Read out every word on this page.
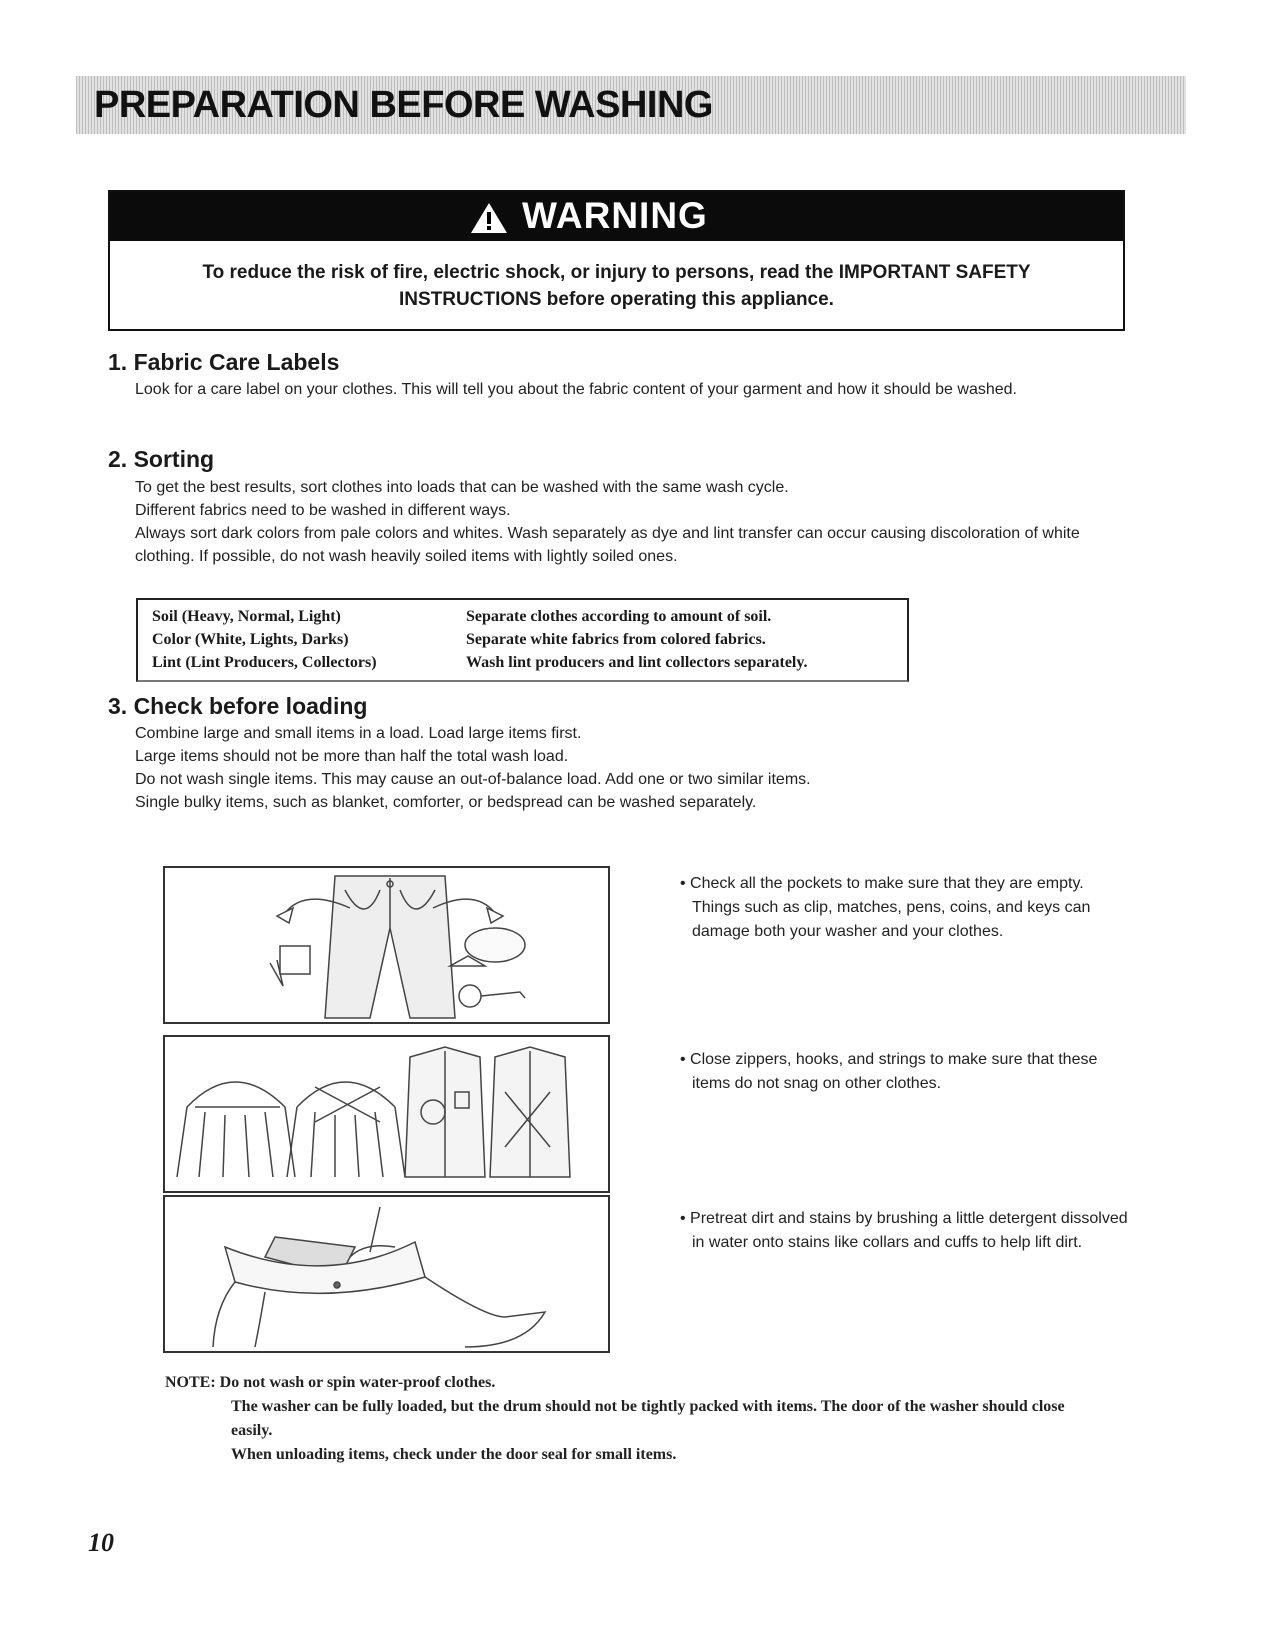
PREPARATION BEFORE WASHING
WARNING
To reduce the risk of fire, electric shock, or injury to persons, read the IMPORTANT SAFETY INSTRUCTIONS before operating this appliance.
1. Fabric Care Labels
Look for a care label on your clothes. This will tell you about the fabric content of your garment and how it should be washed.
2. Sorting
To get the best results, sort clothes into loads that can be washed with the same wash cycle.
Different fabrics need to be washed in different ways.
Always sort dark colors from pale colors and whites. Wash separately as dye and lint transfer can occur causing discoloration of white clothing. If possible, do not wash heavily soiled items with lightly soiled ones.
Soil (Heavy, Normal, Light)	Separate clothes according to amount of soil.
Color (White, Lights, Darks)	Separate white fabrics from colored fabrics.
Lint (Lint Producers, Collectors)	Wash lint producers and lint collectors separately.
3. Check before loading
Combine large and small items in a load. Load large items first.
Large items should not be more than half the total wash load.
Do not wash single items. This may cause an out-of-balance load. Add one or two similar items.
Single bulky items, such as blanket, comforter, or bedspread can be washed separately.
• Check all the pockets to make sure that they are empty. Things such as clip, matches, pens, coins, and keys can damage both your washer and your clothes.
• Close zippers, hooks, and strings to make sure that these items do not snag on other clothes.
• Pretreat dirt and stains by brushing a little detergent dissolved in water onto stains like collars and cuffs to help lift dirt.
NOTE: Do not wash or spin water-proof clothes.
The washer can be fully loaded, but the drum should not be tightly packed with items. The door of the washer should close easily.
When unloading items, check under the door seal for small items.
10
